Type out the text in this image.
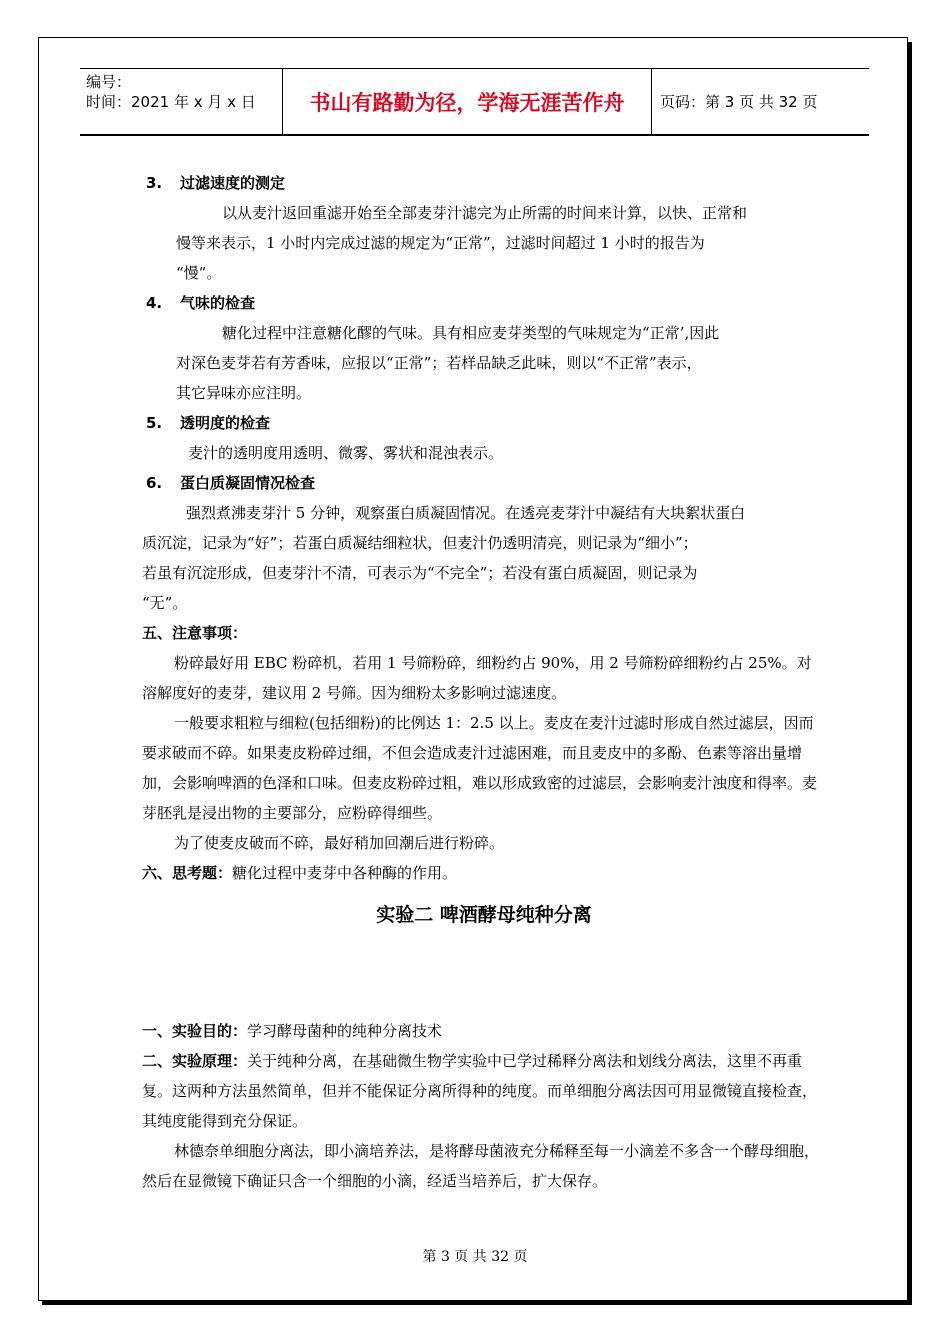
编号：
时间：2021 年 x 月 x 日	书山有路勤为径，学海无涯苦作舟	页码：第 3 页 共 32 页

3. 过滤速度的测定

以从麦汁返回重滤开始至全部麦芽汁滤完为止所需的时间来计算，以快、正常和

慢等来表示，1 小时内完成过滤的规定为“正常”，过滤时间超过 1 小时的报告为

“慢”。

4. 气味的检查

糖化过程中注意糖化醪的气味。具有相应麦芽类型的气味规定为“正常’,因此

对深色麦芽若有芳香味，应报以“正常”；若样品缺乏此味，则以“不正常”表示，

其它异味亦应注明。

5. 透明度的检查

麦汁的透明度用透明、微雾、雾状和混浊表示。

6. 蛋白质凝固情况检查

强烈煮沸麦芽汁 5 分钟，观察蛋白质凝固情况。在透亮麦芽汁中凝结有大块絮状蛋白

质沉淀，记录为“好”；若蛋白质凝结细粒状，但麦汁仍透明清亮，则记录为“细小”；

若虽有沉淀形成，但麦芽汁不清，可表示为“不完全”；若没有蛋白质凝固，则记录为

“无”。

五、注意事项：

粉碎最好用 EBC 粉碎机，若用 1 号筛粉碎，细粉约占 90%，用 2 号筛粉碎细粉约占 25%。对溶解度好的麦芽，建议用 2 号筛。因为细粉太多影响过滤速度。

一般要求粗粒与细粒(包括细粉)的比例达 1：2.5 以上。麦皮在麦汁过滤时形成自然过滤层，因而要求破而不碎。如果麦皮粉碎过细，不但会造成麦汁过滤困难，而且麦皮中的多酚、色素等溶出量增加，会影响啤酒的色泽和口味。但麦皮粉碎过粗，难以形成致密的过滤层，会影响麦汁浊度和得率。麦芽胚乳是浸出物的主要部分，应粉碎得细些。

为了使麦皮破而不碎，最好稍加回潮后进行粉碎。

六、思考题：糖化过程中麦芽中各种酶的作用。

实验二 啤酒酵母纯种分离

一、实验目的：学习酵母菌种的纯种分离技术

二、实验原理：关于纯种分离，在基础微生物学实验中已学过稀释分离法和划线分离法，这里不再重复。这两种方法虽然简单，但并不能保证分离所得种的纯度。而单细胞分离法因可用显微镜直接检查，其纯度能得到充分保证。

林德奈单细胞分离法，即小滴培养法，是将酵母菌液充分稀释至每一小滴差不多含一个酵母细胞，然后在显微镜下确证只含一个细胞的小滴，经适当培养后，扩大保存。

第 3 页 共 32 页
